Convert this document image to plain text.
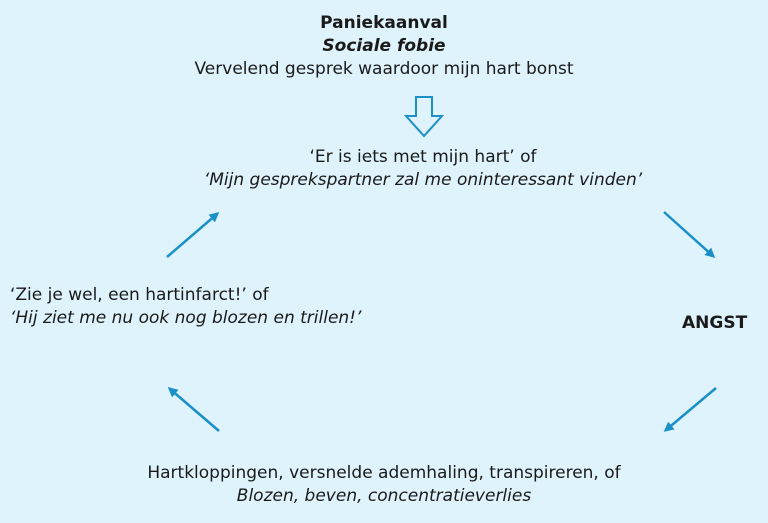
Paniekaanval
Sociale fobie
Vervelend gesprek waardoor mijn hart bonst
‘Er is iets met mijn hart’ of
‘Mijn gesprekspartner zal me oninteressant vinden’
‘Zie je wel, een hartinfarct!’ of
‘Hij ziet me nu ook nog blozen en trillen!’	ANGST
Hartkloppingen, versnelde ademhaling, transpireren, of
Blozen, beven, concentratieverlies
